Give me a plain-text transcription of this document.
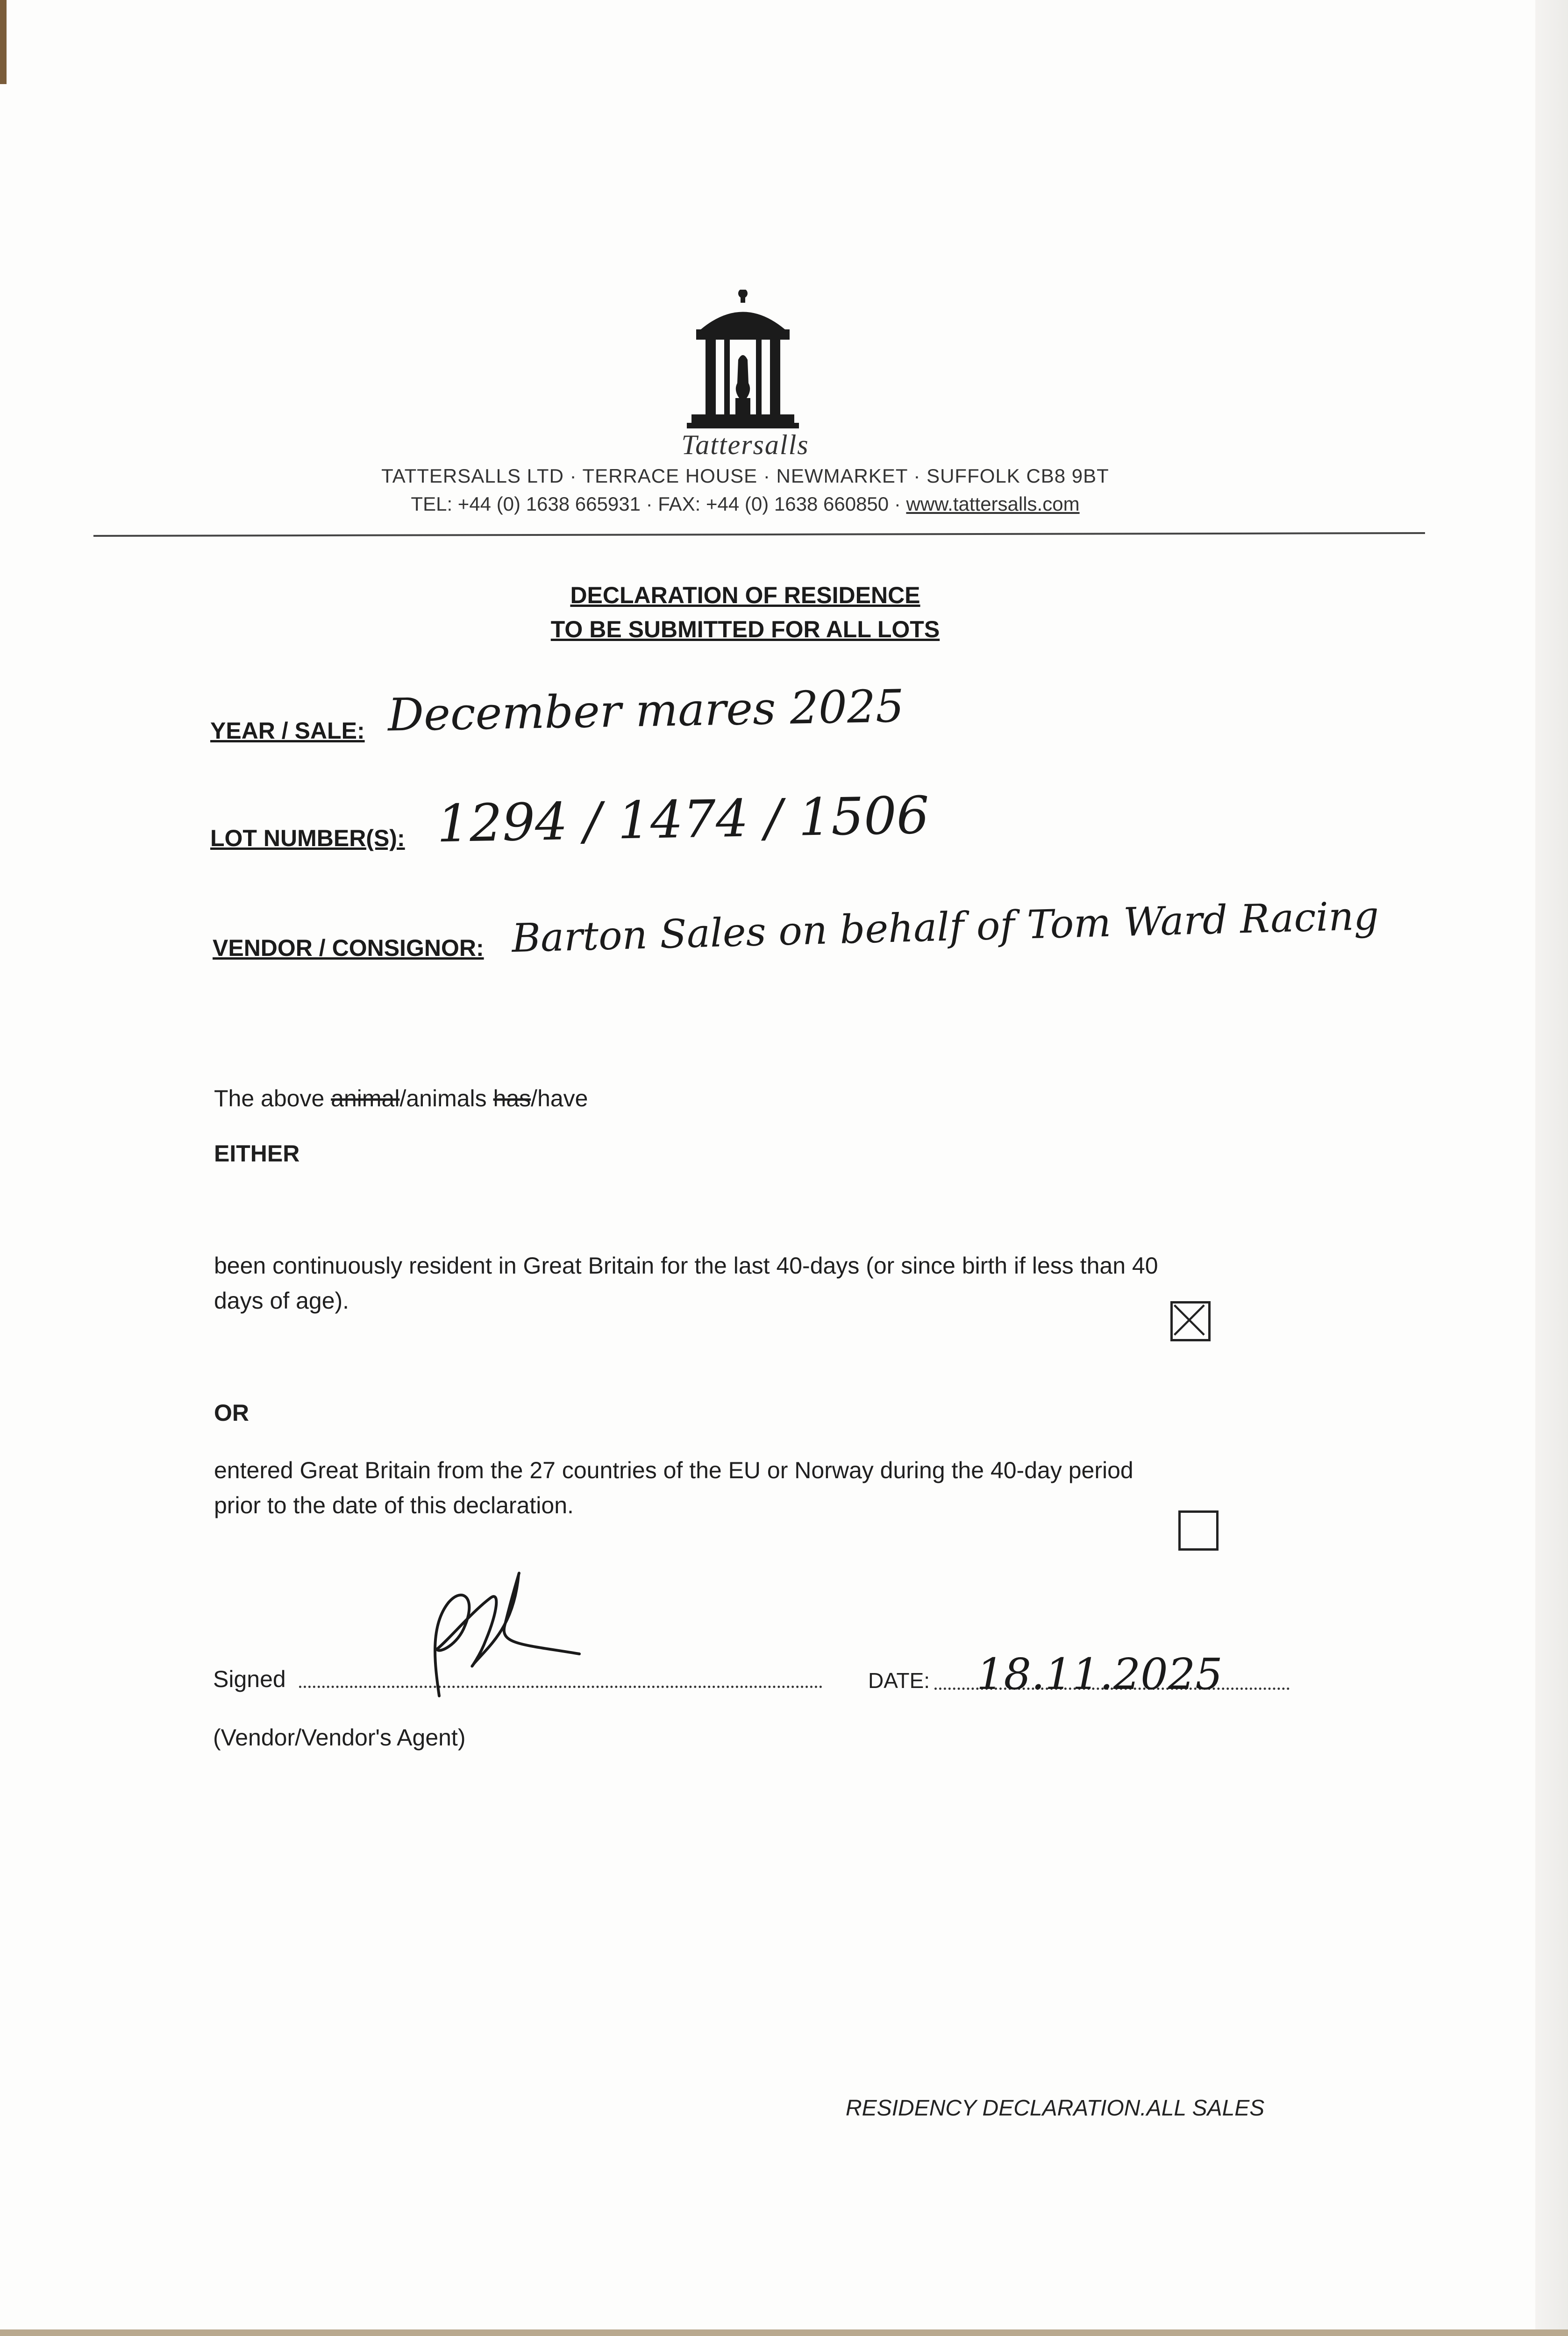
Tattersalls
TATTERSALLS LTD · TERRACE HOUSE · NEWMARKET · SUFFOLK CB8 9BT
TEL: +44 (0) 1638 665931 · FAX: +44 (0) 1638 660850 · www.tattersalls.com
DECLARATION OF RESIDENCE
TO BE SUBMITTED FOR ALL LOTS
YEAR / SALE: December mares 2025
LOT NUMBER(S): 1294 / 1474 / 1506
VENDOR / CONSIGNOR: Barton Sales on behalf of Tom Ward Racing
The above animal/animals has/have
EITHER
been continuously resident in Great Britain for the last 40-days (or since birth if less than 40
days of age).
OR
entered Great Britain from the 27 countries of the EU or Norway during the 40-day period
prior to the date of this declaration.
Signed	DATE: 18.11.2025
(Vendor/Vendor's Agent)
RESIDENCY DECLARATION.ALL SALES
